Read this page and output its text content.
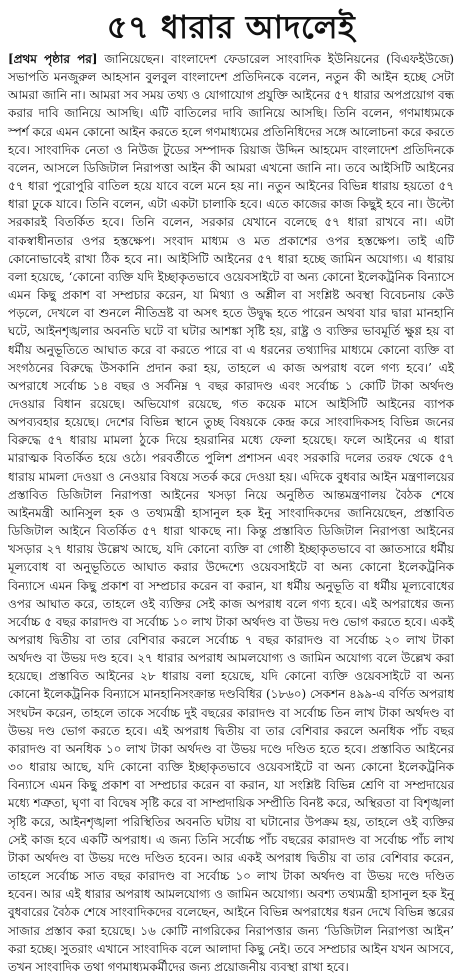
৫৭ ধারার আদলেই

[প্রথম পৃষ্ঠার পর] জানিয়েছেন। বাংলাদেশ ফেডারেল সাংবাদিক ইউনিয়নের (বিএফইউজে) সভাপতি মনজুরুল আহসান বুলবুল বাংলাদেশ প্রতিদিনকে বলেন, নতুন কী আইন হচ্ছে সেটা আমরা জানি না। আমরা সব সময় তথ্য ও যোগাযোগ প্রযুক্তি আইনের ৫৭ ধারার অপপ্রয়োগ বন্ধ করার দাবি জানিয়ে আসছি। এটি বাতিলের দাবি জানিয়ে আসছি। তিনি বলেন, গণমাধ্যমকে স্পর্শ করে এমন কোনো আইন করতে হলে গণমাধ্যমের প্রতিনিধিদের সঙ্গে আলোচনা করে করতে হবে। সাংবাদিক নেতা ও নিউজ টুডের সম্পাদক রিয়াজ উদ্দিন আহমেদ বাংলাদেশ প্রতিদিনকে বলেন, আসলে ডিজিটাল নিরাপত্তা আইন কী আমরা এখনো জানি না। তবে আইসিটি আইনের ৫৭ ধারা পুরোপুরি বাতিল হয়ে যাবে বলে মনে হয় না। নতুন আইনের বিভিন্ন ধারায় হয়তো ৫৭ ধারা ঢুকে যাবে। তিনি বলেন, এটা একটা চালাকি হবে। এতে কাজের কাজ কিছুই হবে না। উল্টো সরকারই বিতর্কিত হবে। তিনি বলেন, সরকার যেখানে বলেছে ৫৭ ধারা রাখবে না। এটা বাকস্বাধীনতার ওপর হস্তক্ষেপ। সংবাদ মাধ্যম ও মত প্রকাশের ওপর হস্তক্ষেপ। তাই এটি কোনোভাবেই রাখা ঠিক হবে না। আইসিটি আইনের ৫৭ ধারা হচ্ছে জামিন অযোগ্য। এ ধারায় বলা হয়েছে, ‘কোনো ব্যক্তি যদি ইচ্ছাকৃতভাবে ওয়েবসাইটে বা অন্য কোনো ইলেকট্রনিক বিন্যাসে এমন কিছু প্রকাশ বা সম্প্রচার করেন, যা মিথ্যা ও অশ্লীল বা সংশ্লিষ্ট অবস্থা বিবেচনায় কেউ পড়লে, দেখলে বা শুনলে নীতিভ্রষ্ট বা অসৎ হতে উদ্বুদ্ধ হতে পারেন অথবা যার দ্বারা মানহানি ঘটে, আইনশৃঙ্খলার অবনতি ঘটে বা ঘটার আশঙ্কা সৃষ্টি হয়, রাষ্ট্র ও ব্যক্তির ভাবমূর্তি ক্ষুণ্ণ হয় বা ধর্মীয় অনুভূতিতে আঘাত করে বা করতে পারে বা এ ধরনের তথ্যাদির মাধ্যমে কোনো ব্যক্তি বা সংগঠনের বিরুদ্ধে উসকানি প্রদান করা হয়, তাহলে এ কাজ অপরাধ বলে গণ্য হবে।’ এই অপরাধে সর্বোচ্চ ১৪ বছর ও সর্বনিম্ন ৭ বছর কারাদণ্ড এবং সর্বোচ্চ ১ কোটি টাকা অর্থদণ্ড দেওয়ার বিধান রয়েছে। অভিযোগ রয়েছে, গত কয়েক মাসে আইসিটি আইনের ব্যাপক অপব্যবহার হয়েছে। দেশের বিভিন্ন স্থানে তুচ্ছ বিষয়কে কেন্দ্র করে সাংবাদিকসহ বিভিন্ন জনের বিরুদ্ধে ৫৭ ধারায় মামলা ঠুকে দিয়ে হয়রানির মধ্যে ফেলা হয়েছে। ফলে আইনের এ ধারা মারাত্মক বিতর্কিত হয়ে ওঠে। পরবর্তীতে পুলিশ প্রশাসন এবং সরকারি দলের তরফ থেকে ৫৭ ধারায় মামলা দেওয়া ও নেওয়ার বিষয়ে সতর্ক করে দেওয়া হয়। এদিকে বুধবার আইন মন্ত্রণালয়ের প্রস্তাবিত ডিজিটাল নিরাপত্তা আইনের খসড়া নিয়ে অনুষ্ঠিত আন্তমন্ত্রণালয় বৈঠক শেষে আইনমন্ত্রী আনিসুল হক ও তথ্যমন্ত্রী হাসানুল হক ইনু সাংবাদিকদের জানিয়েছেন, প্রস্তাবিত ডিজিটাল আইনে বিতর্কিত ৫৭ ধারা থাকছে না। কিন্তু প্রস্তাবিত ডিজিটাল নিরাপত্তা আইনের খসড়ার ২৭ ধারায় উল্লেখ আছে, যদি কোনো ব্যক্তি বা গোষ্ঠী ইচ্ছাকৃতভাবে বা জ্ঞাতসারে ধর্মীয় মূল্যবোধ বা অনুভূতিতে আঘাত করার উদ্দেশ্যে ওয়েবসাইটে বা অন্য কোনো ইলেকট্রনিক বিন্যাসে এমন কিছু প্রকাশ বা সম্প্রচার করেন বা করান, যা ধর্মীয় অনুভূতি বা ধর্মীয় মূল্যবোধের ওপর আঘাত করে, তাহলে ওই ব্যক্তির সেই কাজ অপরাধ বলে গণ্য হবে। এই অপরাধের জন্য সর্বোচ্চ ৫ বছর কারাদণ্ড বা সর্বোচ্চ ১০ লাখ টাকা অর্থদণ্ড বা উভয় দণ্ড ভোগ করতে হবে। একই অপরাধ দ্বিতীয় বা তার বেশিবার করলে সর্বোচ্চ ৭ বছর কারাদণ্ড বা সর্বোচ্চ ২০ লাখ টাকা অর্থদণ্ড বা উভয় দণ্ড হবে। ২৭ ধারার অপরাধ আমলযোগ্য ও জামিন অযোগ্য বলে উল্লেখ করা হয়েছে। প্রস্তাবিত আইনের ২৮ ধারায় বলা হয়েছে, যদি কোনো ব্যক্তি ওয়েবসাইটে বা অন্য কোনো ইলেকট্রনিক বিন্যাসে মানহানিসংক্রান্ত দণ্ডবিধির (১৮৬০) সেকশন ৪৯৯-এ বর্ণিত অপরাধ সংঘটন করেন, তাহলে তাকে সর্বোচ্চ দুই বছরের কারাদণ্ড বা সর্বোচ্চ তিন লাখ টাকা অর্থদণ্ড বা উভয় দণ্ড ভোগ করতে হবে। এই অপরাধ দ্বিতীয় বা তার বেশিবার করলে অনধিক পাঁচ বছর কারাদণ্ড বা অনধিক ১০ লাখ টাকা অর্থদণ্ড বা উভয় দণ্ডে দণ্ডিত হতে হবে। প্রস্তাবিত আইনের ৩০ ধারায় আছে, যদি কোনো ব্যক্তি ইচ্ছাকৃতভাবে ওয়েবসাইটে বা অন্য কোনো ইলেকট্রনিক বিন্যাসে এমন কিছু প্রকাশ বা সম্প্রচার করেন বা করান, যা সংশ্লিষ্ট বিভিন্ন শ্রেণি বা সম্প্রদায়ের মধ্যে শত্রুতা, ঘৃণা বা বিদ্বেষ সৃষ্টি করে বা সাম্প্রদায়িক সম্প্রীতি বিনষ্ট করে, অস্থিরতা বা বিশৃঙ্খলা সৃষ্টি করে, আইনশৃঙ্খলা পরিস্থিতির অবনতি ঘটায় বা ঘটানোর উপক্রম হয়, তাহলে ওই ব্যক্তির সেই কাজ হবে একটি অপরাধ। এ জন্য তিনি সর্বোচ্চ পাঁচ বছরের কারাদণ্ড বা সর্বোচ্চ পাঁচ লাখ টাকা অর্থদণ্ড বা উভয় দণ্ডে দণ্ডিত হবেন। আর একই অপরাধ দ্বিতীয় বা তার বেশিবার করেন, তাহলে সর্বোচ্চ সাত বছর কারাদণ্ড বা সর্বোচ্চ ১০ লাখ টাকা অর্থদণ্ড বা উভয় দণ্ডে দণ্ডিত হবেন। আর এই ধারার অপরাধ আমলযোগ্য ও জামিন অযোগ্য। অবশ্য তথ্যমন্ত্রী হাসানুল হক ইনু বুধবারের বৈঠক শেষে সাংবাদিকদের বলেছেন, আইনে বিভিন্ন অপরাধের ধরন দেখে বিভিন্ন স্তরের সাজার প্রস্তাব করা হয়েছে। ১৬ কোটি নাগরিকের নিরাপত্তার জন্য ‘ডিজিটাল নিরাপত্তা আইন’ করা হচ্ছে। সুতরাং এখানে সাংবাদিক বলে আলাদা কিছু নেই। তবে সম্প্রচার আইন যখন আসবে, তখন সাংবাদিক তথা গণমাধ্যমকর্মীদের জন্য প্রয়োজনীয় ব্যবস্থা রাখা হবে।
